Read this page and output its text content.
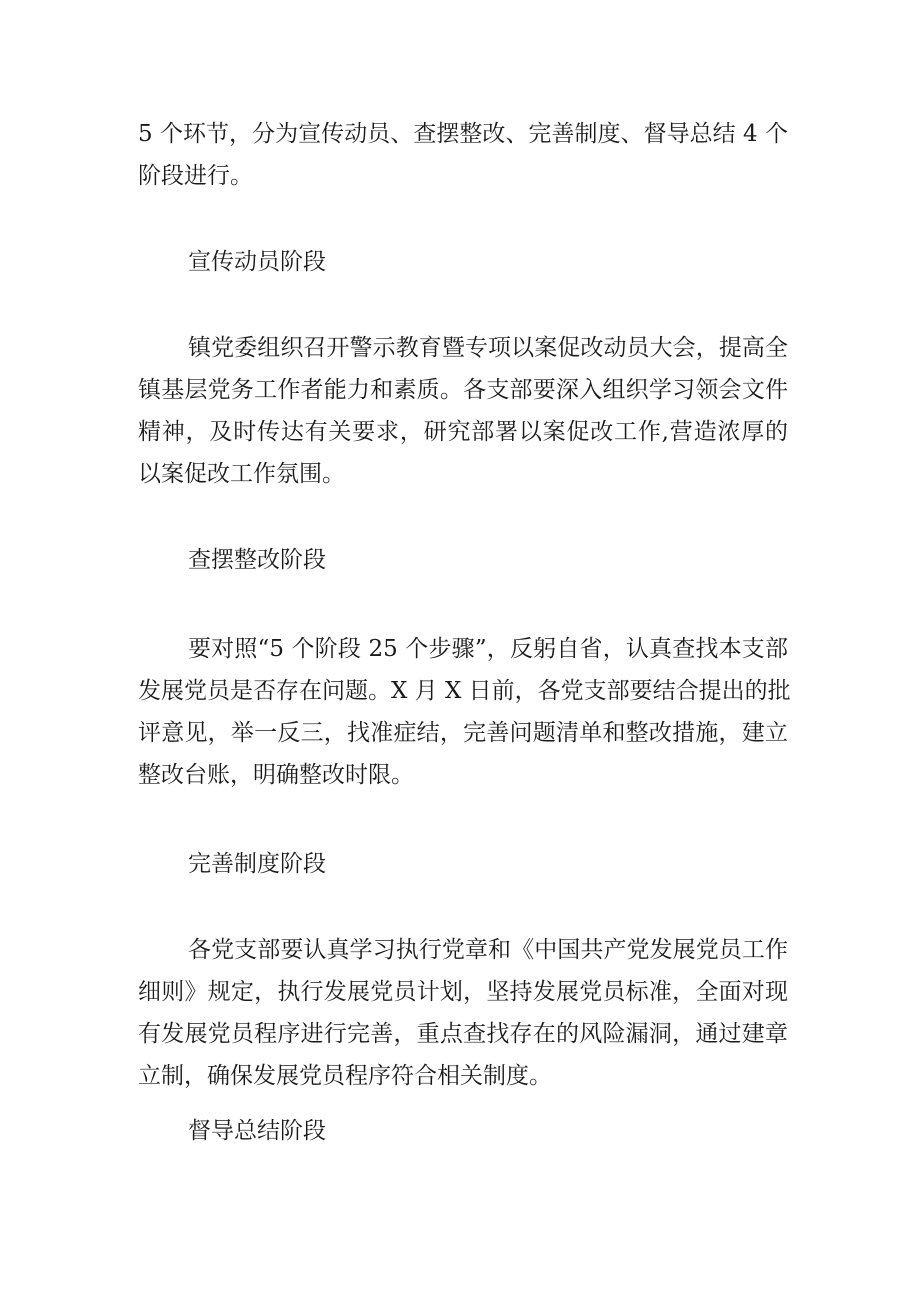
5 个环节，分为宣传动员、查摆整改、完善制度、督导总结 4 个
阶段进行。
宣传动员阶段
镇党委组织召开警示教育暨专项以案促改动员大会，提高全
镇基层党务工作者能力和素质。各支部要深入组织学习领会文件
精神，及时传达有关要求，研究部署以案促改工作,营造浓厚的
以案促改工作氛围。
查摆整改阶段
要对照“5 个阶段 25 个步骤”，反躬自省，认真查找本支部
发展党员是否存在问题。X 月 X 日前，各党支部要结合提出的批
评意见，举一反三，找准症结，完善问题清单和整改措施，建立
整改台账，明确整改时限。
完善制度阶段
各党支部要认真学习执行党章和《中国共产党发展党员工作
细则》规定，执行发展党员计划，坚持发展党员标准，全面对现
有发展党员程序进行完善，重点查找存在的风险漏洞，通过建章
立制，确保发展党员程序符合相关制度。
督导总结阶段
